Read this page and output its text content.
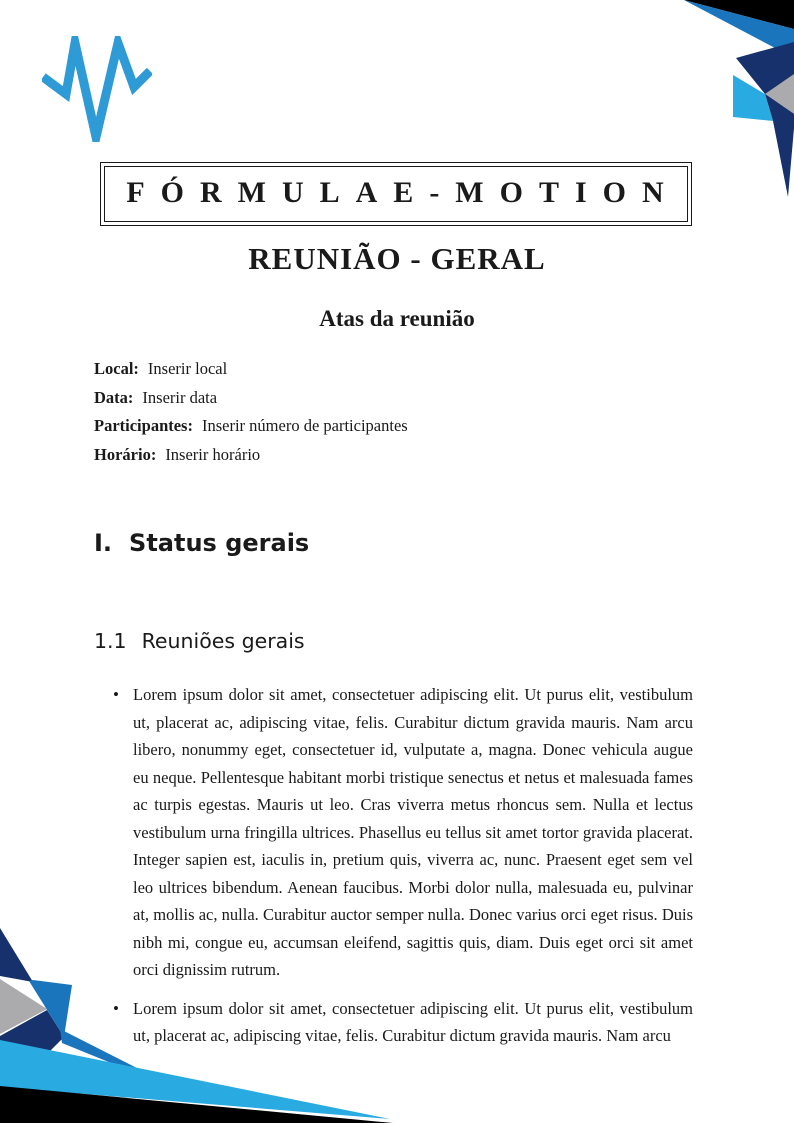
FÓRMULAE-MOTION
REUNIÃO - GERAL
Atas da reunião
Local: Inserir local
Data: Inserir data
Participantes: Inserir número de participantes
Horário: Inserir horário
I. Status gerais
1.1 Reuniões gerais
• Lorem ipsum dolor sit amet, consectetuer adipiscing elit. Ut purus elit, vestibulum ut, placerat ac, adipiscing vitae, felis. Curabitur dictum gravida mauris. Nam arcu libero, nonummy eget, consectetuer id, vulputate a, magna. Donec vehicula augue eu neque. Pellentesque habitant morbi tristique senectus et netus et malesuada fames ac turpis egestas. Mauris ut leo. Cras viverra metus rhoncus sem. Nulla et lectus vestibulum urna fringilla ultrices. Phasellus eu tellus sit amet tortor gravida placerat. Integer sapien est, iaculis in, pretium quis, viverra ac, nunc. Praesent eget sem vel leo ultrices bibendum. Aenean faucibus. Morbi dolor nulla, malesuada eu, pulvinar at, mollis ac, nulla. Curabitur auctor semper nulla. Donec varius orci eget risus. Duis nibh mi, congue eu, accumsan eleifend, sagittis quis, diam. Duis eget orci sit amet orci dignissim rutrum.
• Lorem ipsum dolor sit amet, consectetuer adipiscing elit. Ut purus elit, vestibulum ut, placerat ac, adipiscing vitae, felis. Curabitur dictum gravida mauris. Nam arcu
